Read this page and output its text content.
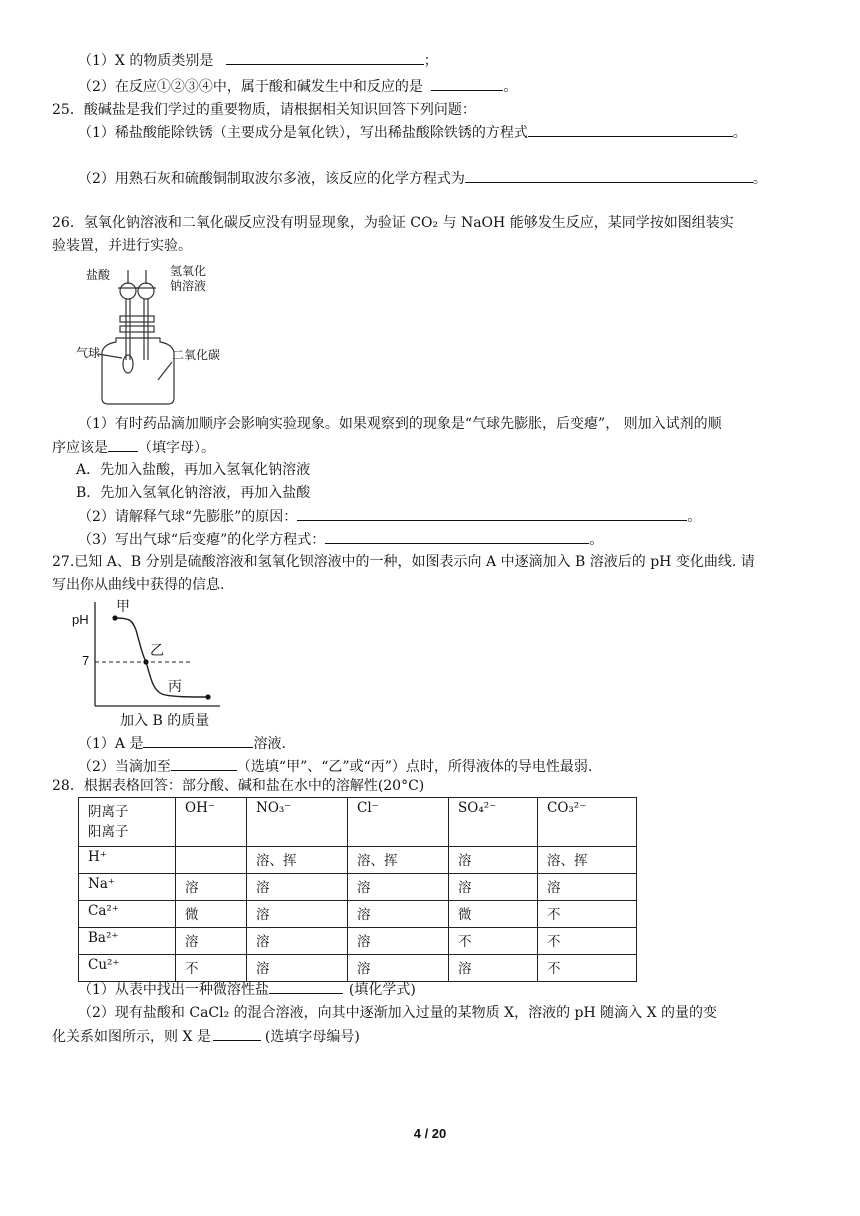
（1）X 的物质类别是	；
（2）在反应①②③④中，属于酸和碱发生中和反应的是	。
25．酸碱盐是我们学过的重要物质，请根据相关知识回答下列问题：
（1）稀盐酸能除铁锈（主要成分是氧化铁），写出稀盐酸除铁锈的方程式	。
（2）用熟石灰和硫酸铜制取波尔多液，该反应的化学方程式为	。
26．氢氧化钠溶液和二氧化碳反应没有明显现象，为验证 CO₂ 与 NaOH 能够发生反应，某同学按如图组装实
验装置，并进行实验。
盐酸	氢氧化
钠溶液
气球	二氧化碳
（1）有时药品滴加顺序会影响实验现象。如果观察到的现象是“气球先膨胀，后变瘪”， 则加入试剂的顺
序应该是 （填字母）。
A．先加入盐酸，再加入氢氧化钠溶液
B．先加入氢氧化钠溶液，再加入盐酸
（2）请解释气球“先膨胀”的原因：	。
（3）写出气球“后变瘪”的化学方程式：	。
27.已知 A、B 分别是硫酸溶液和氢氧化钡溶液中的一种，如图表示向 A 中逐滴加入 B 溶液后的 pH 变化曲线. 请
写出你从曲线中获得的信息.
pH
7
甲
乙
丙
加入 B 的质量
（1）A 是	溶液.
（2）当滴加至	（选填“甲”、“乙”或“丙”）点时，所得液体的导电性最弱.
28．根据表格回答：部分酸、碱和盐在水中的溶解性(20°C)
阴离子
阳离子	OH⁻	NO₃⁻	Cl⁻	SO₄²⁻	CO₃²⁻
H⁺		溶、挥	溶、挥	溶	溶、挥
Na⁺	溶	溶	溶	溶	溶
Ca²⁺	微	溶	溶	微	不
Ba²⁺	溶	溶	溶	不	不
Cu²⁺	不	溶	溶	溶	不
（1）从表中找出一种微溶性盐	(填化学式)
（2）现有盐酸和 CaCl₂ 的混合溶液，向其中逐渐加入过量的某物质 X，溶液的 pH 随滴入 X 的量的变
化关系如图所示，则 X 是	(选填字母编号)
4 / 20
